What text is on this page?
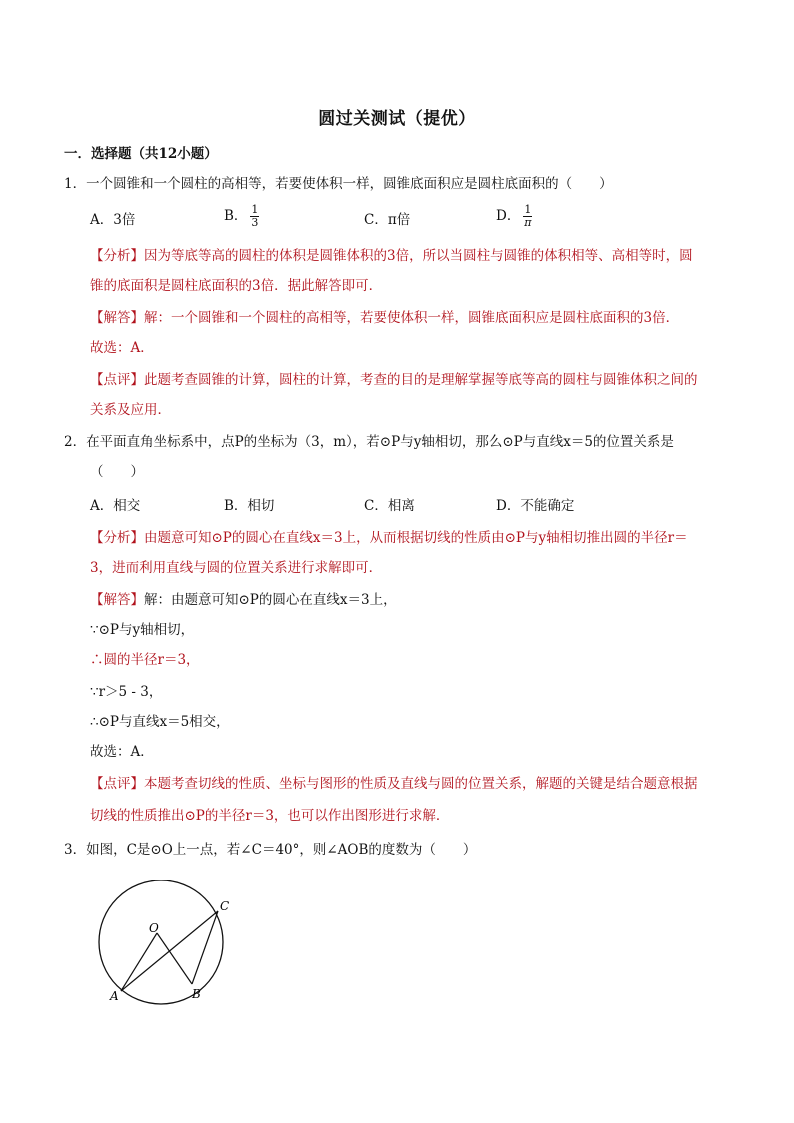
圆过关测试（提优）
一．选择题（共12小题）
1．一个圆锥和一个圆柱的高相等，若要使体积一样，圆锥底面积应是圆柱底面积的（　　）
A．3倍	B． $\frac{1}{3}$	C．π倍	D． $\frac{1}{\pi}$
【分析】因为等底等高的圆柱的体积是圆锥体积的3倍，所以当圆柱与圆锥的体积相等、高相等时，圆
锥的底面积是圆柱底面积的3倍．据此解答即可．
【解答】解：一个圆锥和一个圆柱的高相等，若要使体积一样，圆锥底面积应是圆柱底面积的3倍．
故选：A．
【点评】此题考查圆锥的计算，圆柱的计算，考查的目的是理解掌握等底等高的圆柱与圆锥体积之间的
关系及应用．
2．在平面直角坐标系中，点P的坐标为（3，m），若⊙P与y轴相切，那么⊙P与直线x＝5的位置关系是
（　　）
A．相交	B．相切	C．相离	D．不能确定
【分析】由题意可知⊙P的圆心在直线x＝3上，从而根据切线的性质由⊙P与y轴相切推出圆的半径r＝
3，进而利用直线与圆的位置关系进行求解即可．
【解答】解：由题意可知⊙P的圆心在直线x＝3上，
∵⊙P与y轴相切，
∴圆的半径r＝3，
∵r＞5 - 3，
∴⊙P与直线x＝5相交，
故选：A．
【点评】本题考查切线的性质、坐标与图形的性质及直线与圆的位置关系，解题的关键是结合题意根据
切线的性质推出⊙P的半径r＝3，也可以作出图形进行求解．
3．如图，C是⊙O上一点，若∠C＝40°，则∠AOB的度数为（　　）
O
A	B
C
